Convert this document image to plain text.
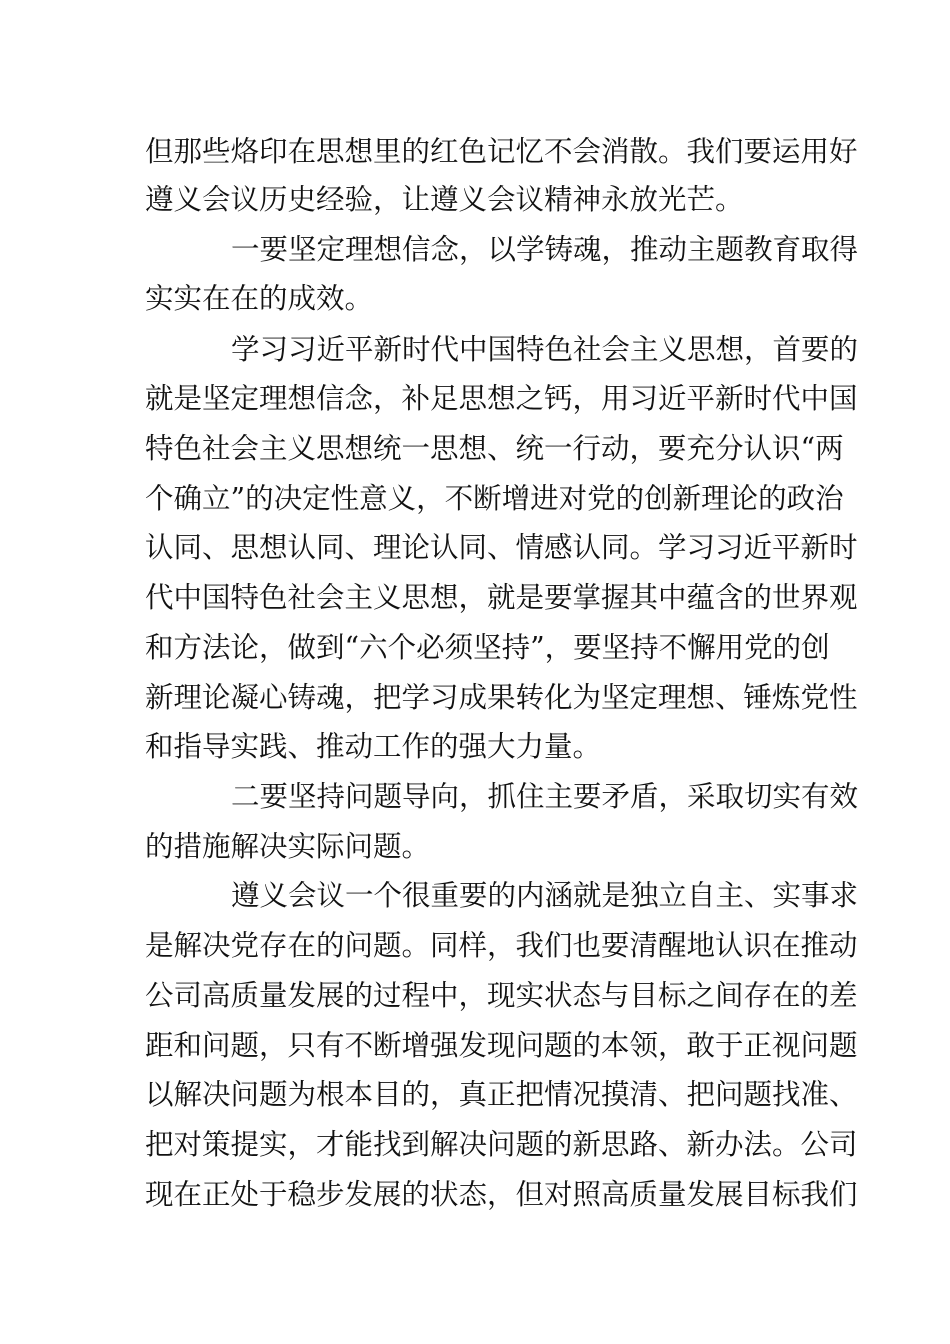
但那些烙印在思想里的红色记忆不会消散。我们要运用好
遵义会议历史经验，让遵义会议精神永放光芒。
一要坚定理想信念，以学铸魂，推动主题教育取得
实实在在的成效。
学习习近平新时代中国特色社会主义思想，首要的
就是坚定理想信念，补足思想之钙，用习近平新时代中国
特色社会主义思想统一思想、统一行动，要充分认识“两
个确立”的决定性意义，不断增进对党的创新理论的政治
认同、思想认同、理论认同、情感认同。学习习近平新时
代中国特色社会主义思想，就是要掌握其中蕴含的世界观
和方法论，做到“六个必须坚持”，要坚持不懈用党的创
新理论凝心铸魂，把学习成果转化为坚定理想、锤炼党性
和指导实践、推动工作的强大力量。
二要坚持问题导向，抓住主要矛盾，采取切实有效
的措施解决实际问题。
遵义会议一个很重要的内涵就是独立自主、实事求
是解决党存在的问题。同样，我们也要清醒地认识在推动
公司高质量发展的过程中，现实状态与目标之间存在的差
距和问题，只有不断增强发现问题的本领，敢于正视问题
以解决问题为根本目的，真正把情况摸清、把问题找准、
把对策提实，才能找到解决问题的新思路、新办法。公司
现在正处于稳步发展的状态，但对照高质量发展目标我们
